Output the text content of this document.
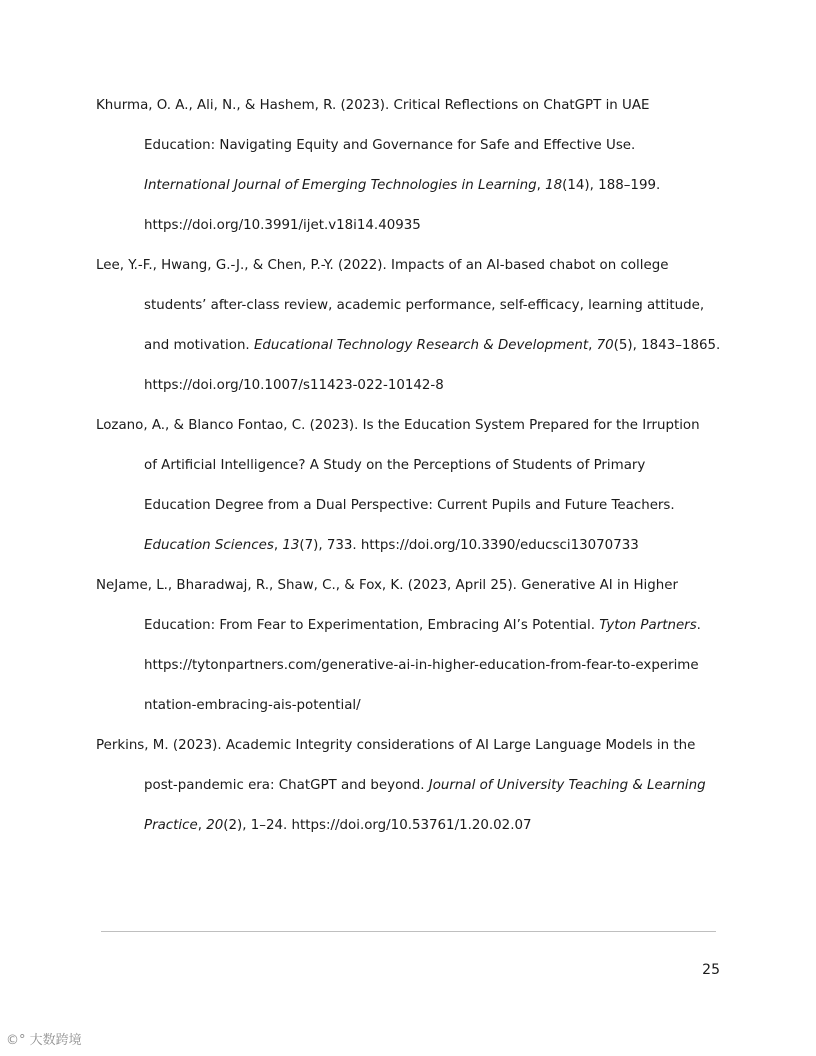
Khurma, O. A., Ali, N., & Hashem, R. (2023). Critical Reflections on ChatGPT in UAE
Education: Navigating Equity and Governance for Safe and Effective Use.
International Journal of Emerging Technologies in Learning, 18(14), 188–199.
https://doi.org/10.3991/ijet.v18i14.40935
Lee, Y.-F., Hwang, G.-J., & Chen, P.-Y. (2022). Impacts of an AI-based chabot on college
students’ after-class review, academic performance, self-efficacy, learning attitude,
and motivation. Educational Technology Research & Development, 70(5), 1843–1865.
https://doi.org/10.1007/s11423-022-10142-8
Lozano, A., & Blanco Fontao, C. (2023). Is the Education System Prepared for the Irruption
of Artificial Intelligence? A Study on the Perceptions of Students of Primary
Education Degree from a Dual Perspective: Current Pupils and Future Teachers.
Education Sciences, 13(7), 733. https://doi.org/10.3390/educsci13070733
NeJame, L., Bharadwaj, R., Shaw, C., & Fox, K. (2023, April 25). Generative AI in Higher
Education: From Fear to Experimentation, Embracing AI’s Potential. Tyton Partners.
https://tytonpartners.com/generative-ai-in-higher-education-from-fear-to-experime
ntation-embracing-ais-potential/
Perkins, M. (2023). Academic Integrity considerations of AI Large Language Models in the
post-pandemic era: ChatGPT and beyond. Journal of University Teaching & Learning
Practice, 20(2), 1–24. https://doi.org/10.53761/1.20.02.07
25
©° 大数跨境
